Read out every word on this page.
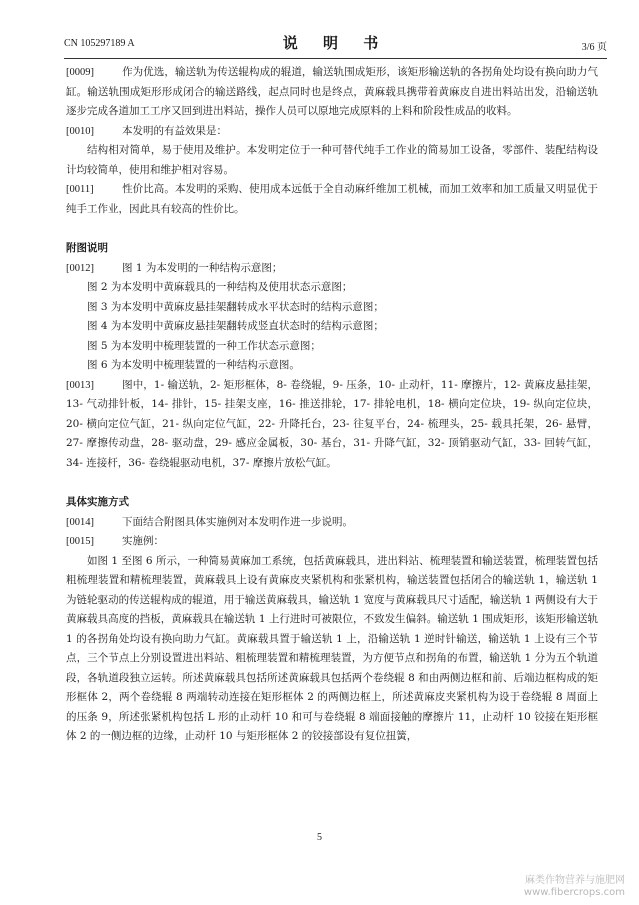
CN 105297189 A	说 明 书	3/6 页

[0009]	作为优选，输送轨为传送辊构成的辊道，输送轨围成矩形，该矩形输送轨的各拐角处均设有换向助力气缸。输送轨围成矩形形成闭合的输送路线，起点同时也是终点，黄麻载具携带着黄麻皮自进出料站出发，沿输送轨逐步完成各道加工工序又回到进出料站，操作人员可以原地完成原料的上料和阶段性成品的收料。

[0010]	本发明的有益效果是：

结构相对简单，易于使用及维护。本发明定位于一种可替代纯手工作业的简易加工设备，零部件、装配结构设计均较简单，使用和维护相对容易。

[0011]	性价比高。本发明的采购、使用成本远低于全自动麻纤维加工机械，而加工效率和加工质量又明显优于纯手工作业，因此具有较高的性价比。

附图说明

[0012]	图 1 为本发明的一种结构示意图；

图 2 为本发明中黄麻载具的一种结构及使用状态示意图；

图 3 为本发明中黄麻皮悬挂架翻转成水平状态时的结构示意图；

图 4 为本发明中黄麻皮悬挂架翻转成竖直状态时的结构示意图；

图 5 为本发明中梳理装置的一种工作状态示意图；

图 6 为本发明中梳理装置的一种结构示意图。

[0013]	图中，1- 输送轨，2- 矩形框体，8- 卷绕辊，9- 压条，10- 止动杆，11- 摩擦片，12- 黄麻皮悬挂架，13- 气动排针板，14- 排针，15- 挂架支座，16- 推送排轮，17- 排轮电机，18- 横向定位块，19- 纵向定位块，20- 横向定位气缸，21- 纵向定位气缸，22- 升降托台，23- 往复平台，24- 梳理头，25- 载具托架，26- 悬臂，27- 摩擦传动盘，28- 驱动盘，29- 感应金属板，30- 基台，31- 升降气缸，32- 顶销驱动气缸，33- 回转气缸，34- 连接杆，36- 卷绕辊驱动电机，37- 摩擦片放松气缸。

具体实施方式

[0014]	下面结合附图具体实施例对本发明作进一步说明。

[0015]	实施例：

如图 1 至图 6 所示，一种简易黄麻加工系统，包括黄麻载具，进出料站、梳理装置和输送装置，梳理装置包括粗梳理装置和精梳理装置，黄麻载具上设有黄麻皮夹紧机构和张紧机构，输送装置包括闭合的输送轨 1，输送轨 1 为链轮驱动的传送辊构成的辊道，用于输送黄麻载具，输送轨 1 宽度与黄麻载具尺寸适配，输送轨 1 两侧设有大于黄麻载具高度的挡板，黄麻载具在输送轨 1 上行进时可被限位，不致发生偏斜。输送轨 1 围成矩形，该矩形输送轨 1 的各拐角处均设有换向助力气缸。黄麻载具置于输送轨 1 上，沿输送轨 1 逆时针输送，输送轨 1 上设有三个节点，三个节点上分别设置进出料站、粗梳理装置和精梳理装置，为方便节点和拐角的布置，输送轨 1 分为五个轨道段，各轨道段独立运转。所述黄麻载具包括所述黄麻载具包括两个卷绕辊 8 和由两侧边框和前、后端边框构成的矩形框体 2，两个卷绕辊 8 两端转动连接在矩形框体 2 的两侧边框上，所述黄麻皮夹紧机构为设于卷绕辊 8 周面上的压条 9，所述张紧机构包括 L 形的止动杆 10 和可与卷绕辊 8 端面接触的摩擦片 11，止动杆 10 铰接在矩形框体 2 的一侧边框的边缘，止动杆 10 与矩形框体 2 的铰接部设有复位扭簧，

5
麻类作物营养与施肥网
www.fibercrops.com
